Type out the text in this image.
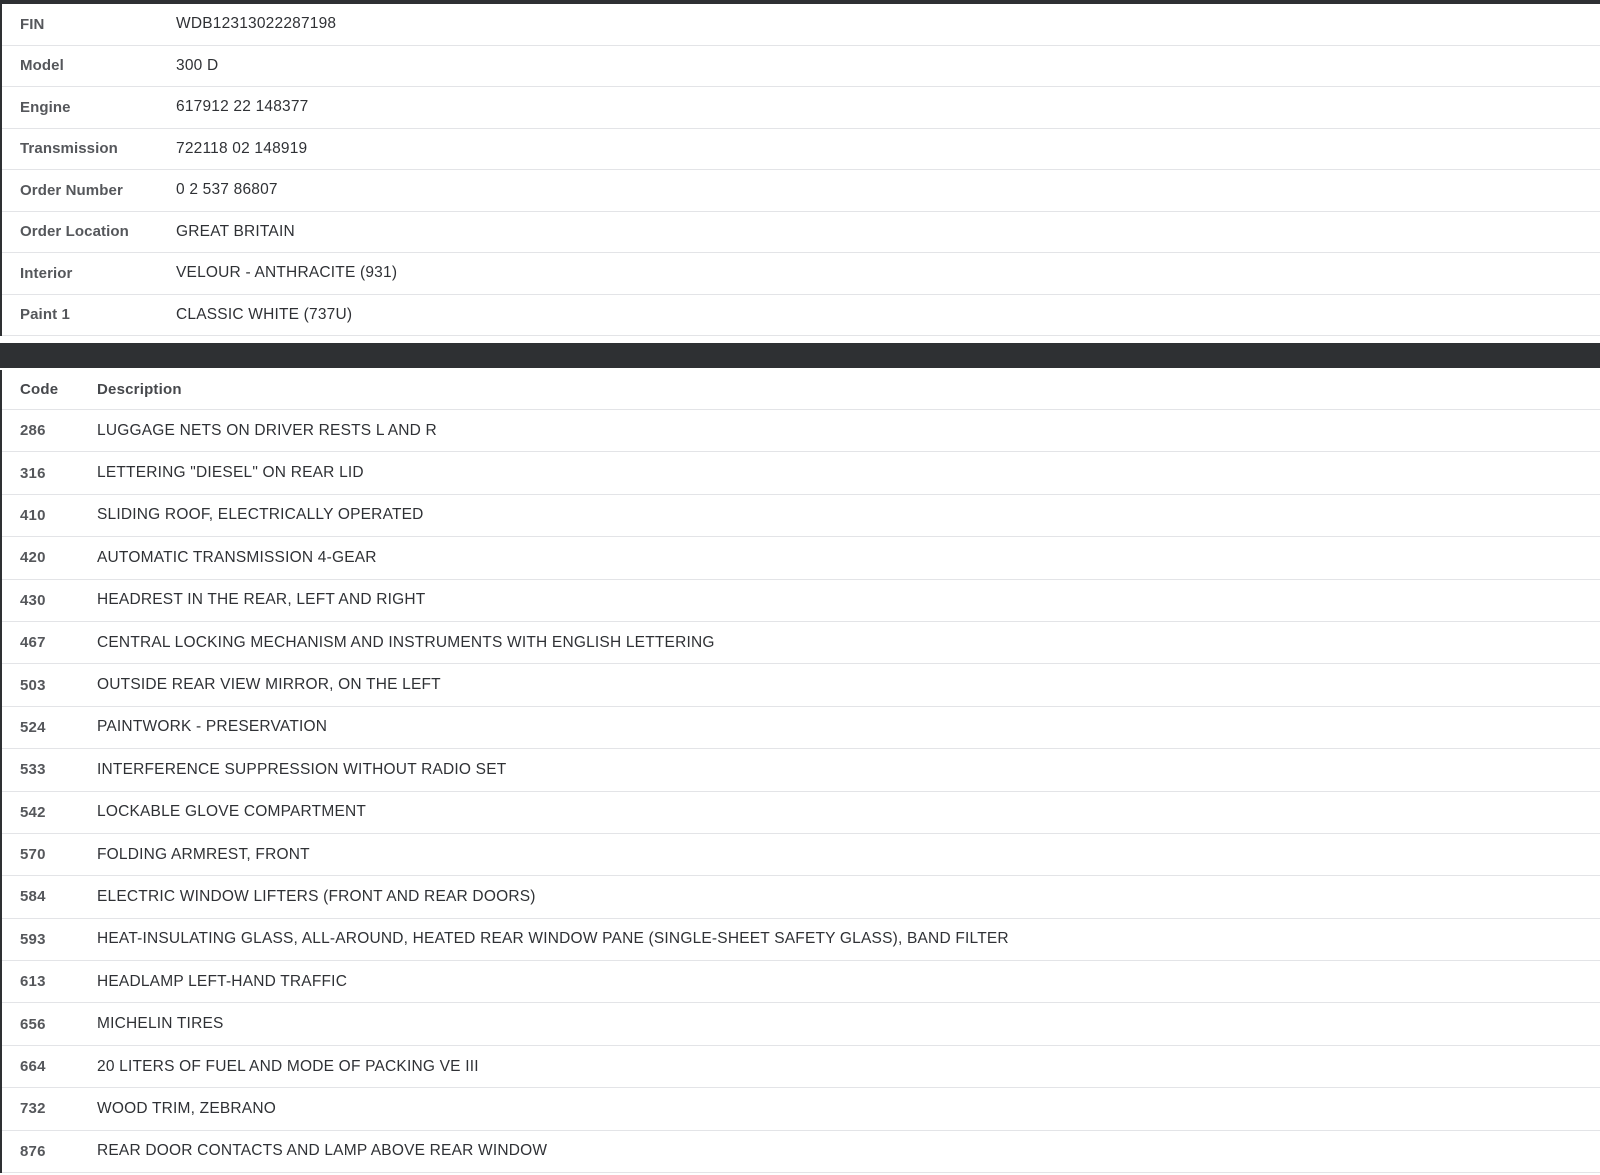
FIN	WDB12313022287198
Model	300 D
Engine	617912 22 148377
Transmission	722118 02 148919
Order Number	0 2 537 86807
Order Location	GREAT BRITAIN
Interior	VELOUR - ANTHRACITE (931)
Paint 1	CLASSIC WHITE (737U)
Code	Description
286	LUGGAGE NETS ON DRIVER RESTS L AND R
316	LETTERING "DIESEL" ON REAR LID
410	SLIDING ROOF, ELECTRICALLY OPERATED
420	AUTOMATIC TRANSMISSION 4-GEAR
430	HEADREST IN THE REAR, LEFT AND RIGHT
467	CENTRAL LOCKING MECHANISM AND INSTRUMENTS WITH ENGLISH LETTERING
503	OUTSIDE REAR VIEW MIRROR, ON THE LEFT
524	PAINTWORK - PRESERVATION
533	INTERFERENCE SUPPRESSION WITHOUT RADIO SET
542	LOCKABLE GLOVE COMPARTMENT
570	FOLDING ARMREST, FRONT
584	ELECTRIC WINDOW LIFTERS (FRONT AND REAR DOORS)
593	HEAT-INSULATING GLASS, ALL-AROUND, HEATED REAR WINDOW PANE (SINGLE-SHEET SAFETY GLASS), BAND FILTER
613	HEADLAMP LEFT-HAND TRAFFIC
656	MICHELIN TIRES
664	20 LITERS OF FUEL AND MODE OF PACKING VE III
732	WOOD TRIM, ZEBRANO
876	REAR DOOR CONTACTS AND LAMP ABOVE REAR WINDOW
